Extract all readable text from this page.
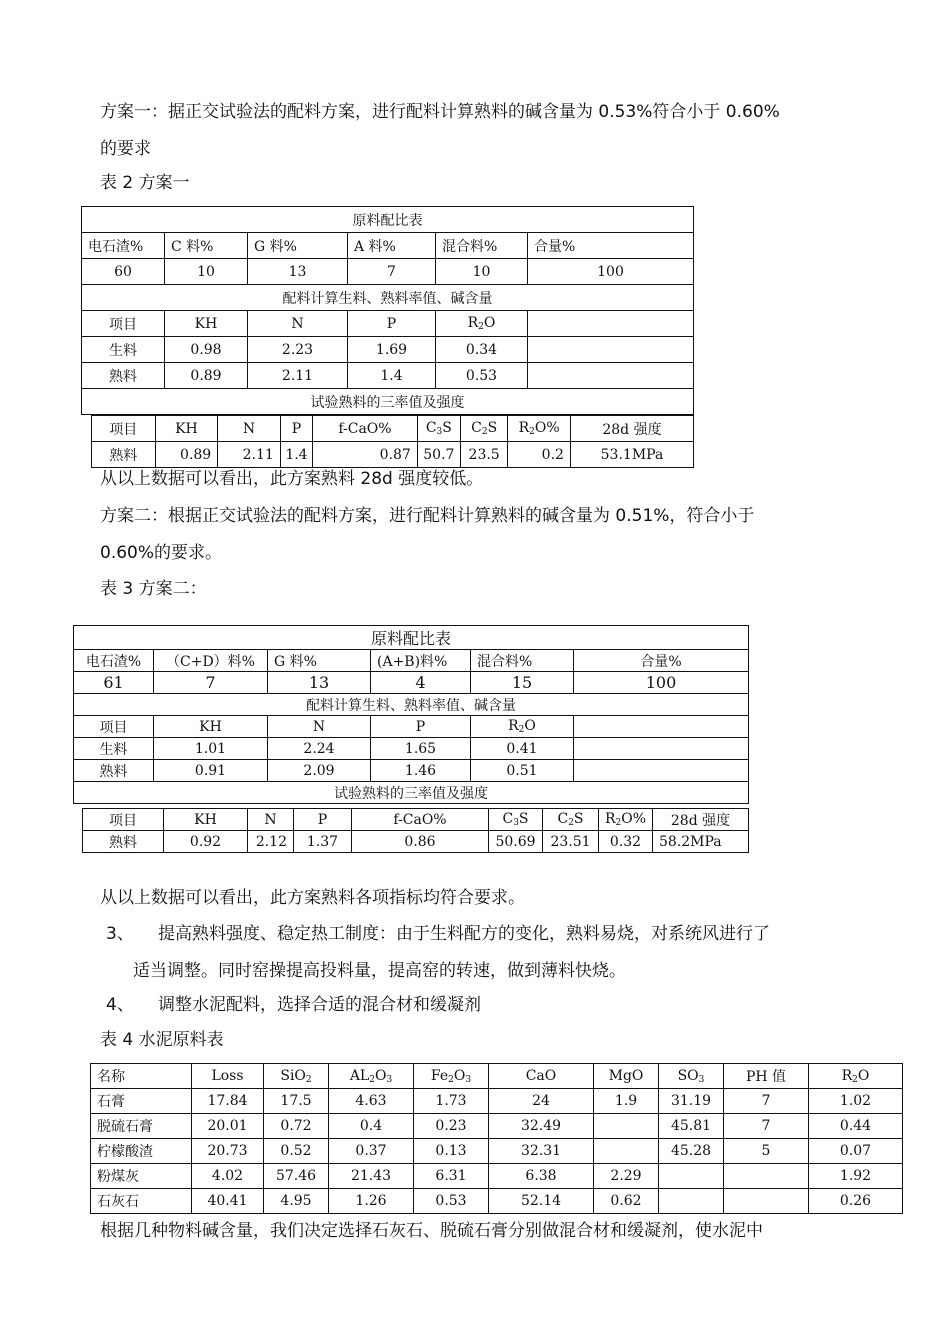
方案一：据正交试验法的配料方案，进行配料计算熟料的碱含量为 0.53%符合小于 0.60%
的要求
表 2 方案一
原料配比表					
电石渣%	C 料%	G 料%	A 料%	混合料%	合量%
60	10	13	7	10	100
配料计算生料、熟料率值、碱含量					
项目	KH	N	P	$R_2O$	
生料	0.98	2.23	1.69	0.34	
熟料	0.89	2.11	1.4	0.53	
试验熟料的三率值及强度					
项目	KH	N	P	f-CaO%	$C_3S$	$C_2S$	$R_2O\%$	28d 强度
熟料	0.89	2.11	1.4	0.87	50.7	23.5	0.2	53.1MPa
从以上数据可以看出，此方案熟料 28d 强度较低。
方案二：根据正交试验法的配料方案，进行配料计算熟料的碱含量为 0.51%，符合小于
0.60%的要求。
表 3 方案二：
原料配比表					
电石渣%	（C+D）料%	G 料%	(A+B)料%	混合料%	合量%
61	7	13	4	15	100
配料计算生料、熟料率值、碱含量					
项目	KH	N	P	$R_2O$	
生料	1.01	2.24	1.65	0.41	
熟料	0.91	2.09	1.46	0.51	
试验熟料的三率值及强度					
项目	KH	N	P	f-CaO%	$C_3S$	$C_2S$	$R_2O\%$	28d 强度
熟料	0.92	2.12	1.37	0.86	50.69	23.51	0.32	58.2MPa
从以上数据可以看出，此方案熟料各项指标均符合要求。
3、 提高熟料强度、稳定热工制度：由于生料配方的变化，熟料易烧，对系统风进行了
适当调整。同时窑操提高投料量，提高窑的转速，做到薄料快烧。
4、 调整水泥配料，选择合适的混合材和缓凝剂
表 4 水泥原料表
名称	Loss	SiO$_2$	$AL_2O_3$	$Fe_2O_3$	CaO	MgO	$SO_3$	PH 值	$R_2O$
石膏	17.84	17.5	4.63	1.73	24	1.9	31.19	7	1.02
脱硫石膏	20.01	0.72	0.4	0.23	32.49		45.81	7	0.44
柠檬酸渣	20.73	0.52	0.37	0.13	32.31		45.28	5	0.07
粉煤灰	4.02	57.46	21.43	6.31	6.38	2.29			1.92
石灰石	40.41	4.95	1.26	0.53	52.14	0.62			0.26
根据几种物料碱含量，我们决定选择石灰石、脱硫石膏分别做混合材和缓凝剂，使水泥中
